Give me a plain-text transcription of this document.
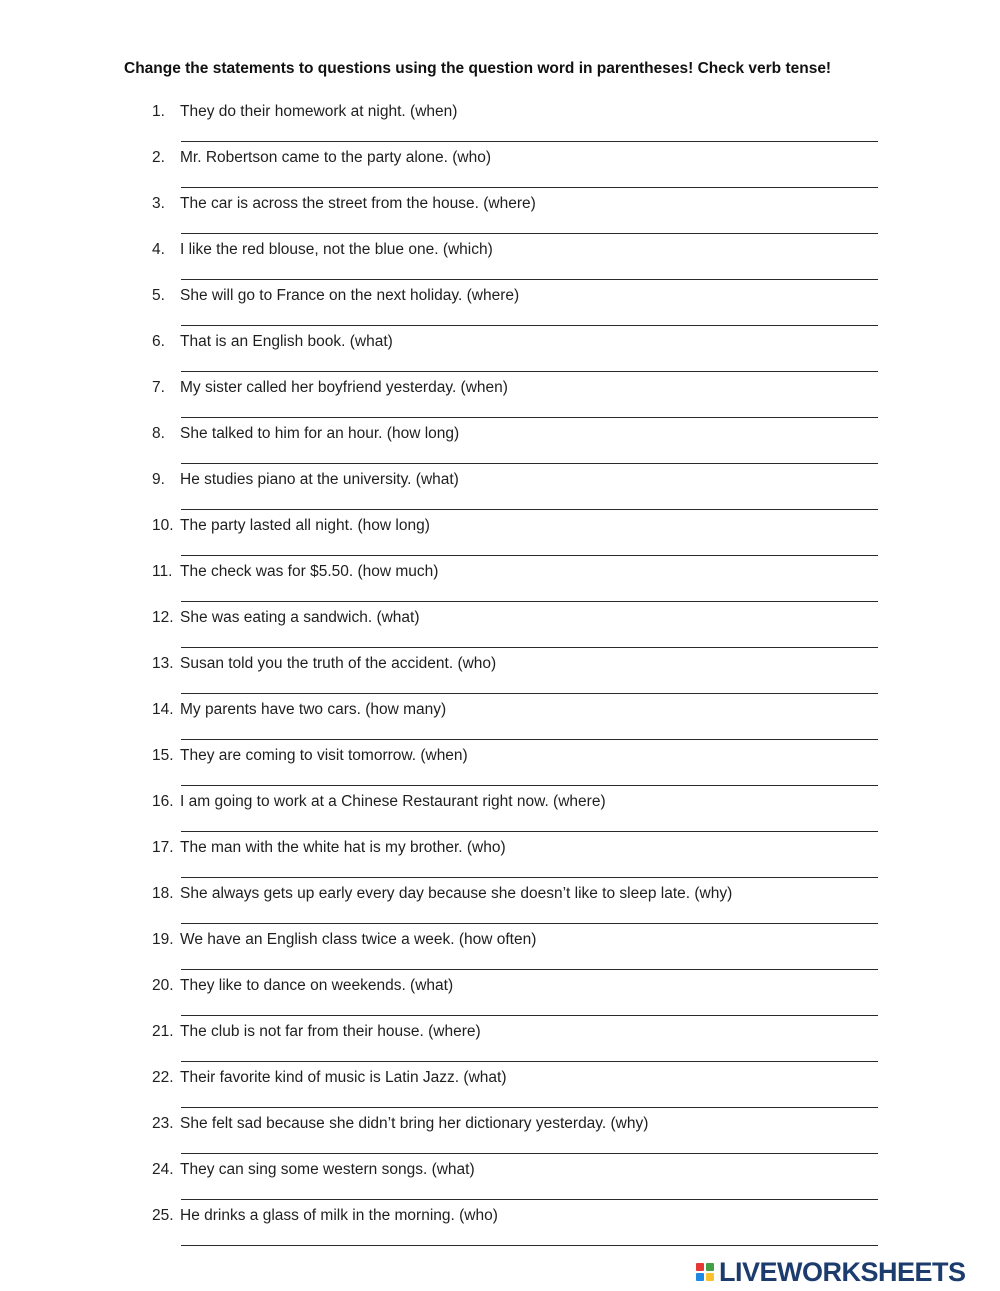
Change the statements to questions using the question word in parentheses! Check verb tense!
1. They do their homework at night. (when)
2. Mr. Robertson came to the party alone. (who)
3. The car is across the street from the house. (where)
4. I like the red blouse, not the blue one. (which)
5. She will go to France on the next holiday. (where)
6. That is an English book. (what)
7. My sister called her boyfriend yesterday. (when)
8. She talked to him for an hour. (how long)
9. He studies piano at the university. (what)
10. The party lasted all night. (how long)
11. The check was for $5.50. (how much)
12. She was eating a sandwich. (what)
13. Susan told you the truth of the accident. (who)
14. My parents have two cars. (how many)
15. They are coming to visit tomorrow. (when)
16. I am going to work at a Chinese Restaurant right now. (where)
17. The man with the white hat is my brother. (who)
18. She always gets up early every day because she doesn’t like to sleep late. (why)
19. We have an English class twice a week. (how often)
20. They like to dance on weekends. (what)
21. The club is not far from their house. (where)
22. Their favorite kind of music is Latin Jazz. (what)
23. She felt sad because she didn’t bring her dictionary yesterday. (why)
24. They can sing some western songs. (what)
25. He drinks a glass of milk in the morning. (who)
LIVEWORKSHEETS
